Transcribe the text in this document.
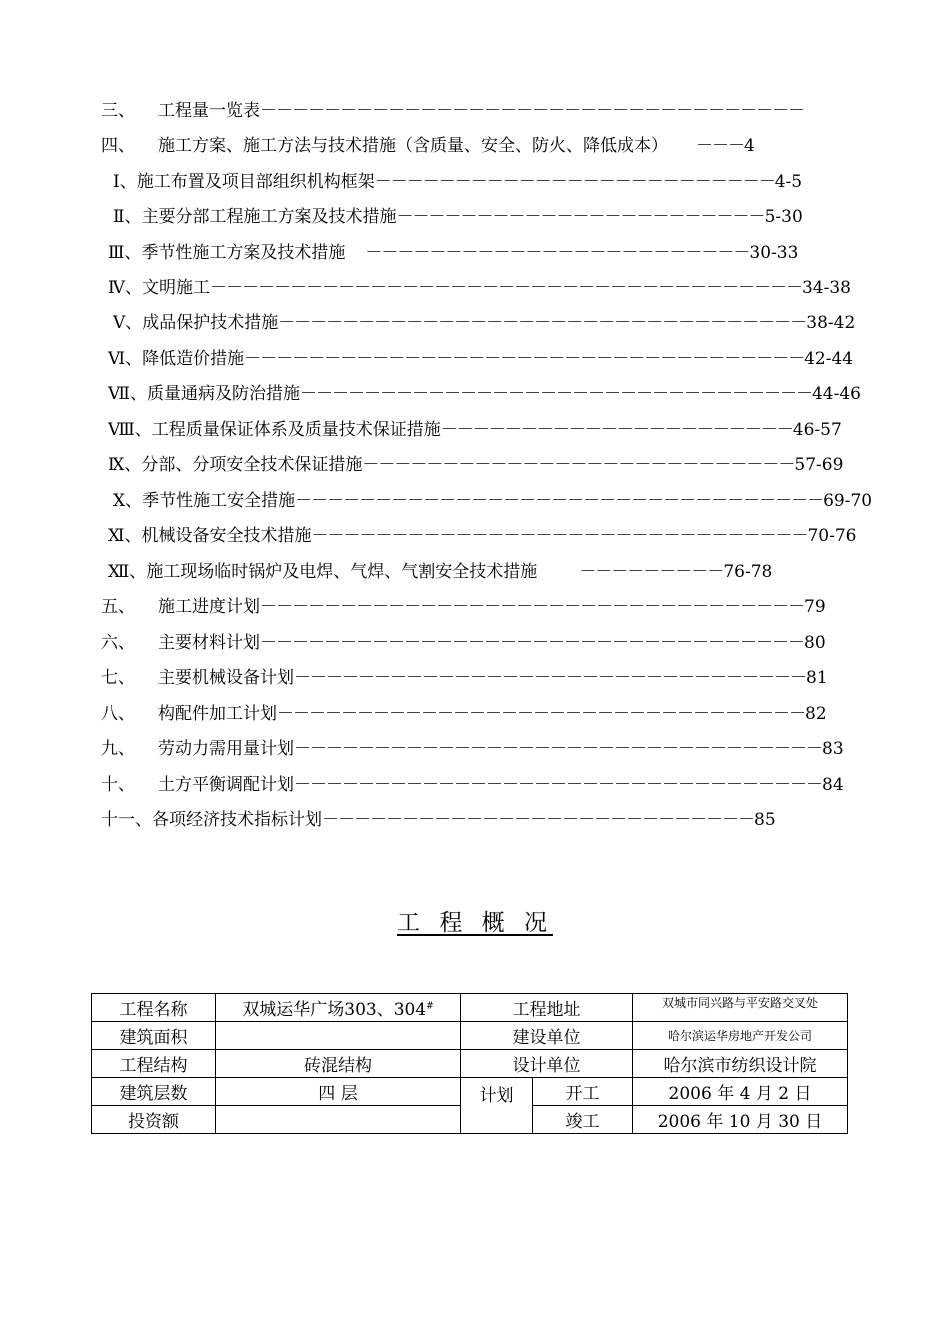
三、 工程量一览表－－－－－－－－－－－－－－－－－－－－－－－－－－－－－－－－－－
四、 施工方案、施工方法与技术措施（含质量、安全、防火、降低成本） －－－4
Ⅰ、施工布置及项目部组织机构框架－－－－－－－－－－－－－－－－－－－－－－－－－4-5
Ⅱ、主要分部工程施工方案及技术措施－－－－－－－－－－－－－－－－－－－－－－－5-30
Ⅲ、季节性施工方案及技术措施 －－－－－－－－－－－－－－－－－－－－－－－－30-33
Ⅳ、文明施工－－－－－－－－－－－－－－－－－－－－－－－－－－－－－－－－－－－－－34-38
Ⅴ、成品保护技术措施－－－－－－－－－－－－－－－－－－－－－－－－－－－－－－－－－38-42
Ⅵ、降低造价措施－－－－－－－－－－－－－－－－－－－－－－－－－－－－－－－－－－－42-44
Ⅶ、质量通病及防治措施－－－－－－－－－－－－－－－－－－－－－－－－－－－－－－－－44-46
Ⅷ、工程质量保证体系及质量技术保证措施－－－－－－－－－－－－－－－－－－－－－－46-57
Ⅸ、分部、分项安全技术保证措施－－－－－－－－－－－－－－－－－－－－－－－－－－－57-69
Ⅹ、季节性施工安全措施－－－－－－－－－－－－－－－－－－－－－－－－－－－－－－－－－69-70
Ⅺ、机械设备安全技术措施－－－－－－－－－－－－－－－－－－－－－－－－－－－－－－－70-76
Ⅻ、施工现场临时锅炉及电焊、气焊、气割安全技术措施 －－－－－－－－－76-78
五、 施工进度计划－－－－－－－－－－－－－－－－－－－－－－－－－－－－－－－－－－79
六、 主要材料计划－－－－－－－－－－－－－－－－－－－－－－－－－－－－－－－－－－80
七、 主要机械设备计划－－－－－－－－－－－－－－－－－－－－－－－－－－－－－－－－81
八、 构配件加工计划－－－－－－－－－－－－－－－－－－－－－－－－－－－－－－－－－82
九、 劳动力需用量计划－－－－－－－－－－－－－－－－－－－－－－－－－－－－－－－－－83
十、 土方平衡调配计划－－－－－－－－－－－－－－－－－－－－－－－－－－－－－－－－－84
十一、各项经济技术指标计划－－－－－－－－－－－－－－－－－－－－－－－－－－－85
工 程 概 况
工程名称	双城运华广场303、304#	工程地址		双城市同兴路与平安路交叉处
建筑面积		建设单位		哈尔滨运华房地产开发公司
工程结构	砖混结构	设计单位		哈尔滨市纺织设计院
建筑层数	四 层	计划	开工	2006 年 4 月 2 日
投资额			竣工	2006 年 10 月 30 日
